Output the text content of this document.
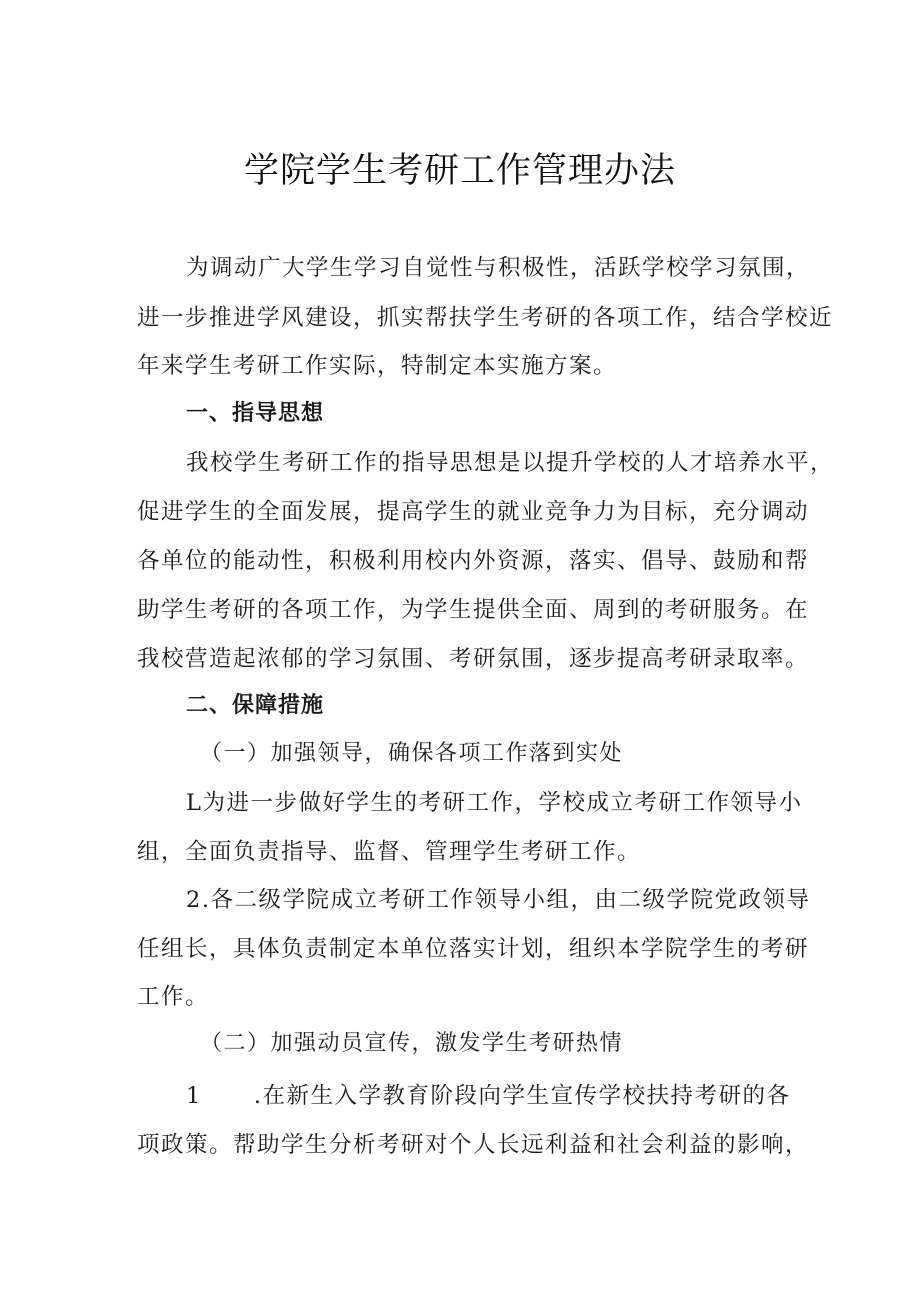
学院学生考研工作管理办法
为调动广大学生学习自觉性与积极性，活跃学校学习氛围，
进一步推进学风建设，抓实帮扶学生考研的各项工作，结合学校近
年来学生考研工作实际，特制定本实施方案。
一、指导思想
我校学生考研工作的指导思想是以提升学校的人才培养水平，
促进学生的全面发展，提高学生的就业竞争力为目标，充分调动
各单位的能动性，积极利用校内外资源，落实、倡导、鼓励和帮
助学生考研的各项工作，为学生提供全面、周到的考研服务。在
我校营造起浓郁的学习氛围、考研氛围，逐步提高考研录取率。
二、保障措施
（一）加强领导，确保各项工作落到实处
L为进一步做好学生的考研工作，学校成立考研工作领导小
组，全面负责指导、监督、管理学生考研工作。
2.各二级学院成立考研工作领导小组，由二级学院党政领导
任组长，具体负责制定本单位落实计划，组织本学院学生的考研
工作。
（二）加强动员宣传，激发学生考研热情
1 .在新生入学教育阶段向学生宣传学校扶持考研的各
项政策。帮助学生分析考研对个人长远利益和社会利益的影响，
